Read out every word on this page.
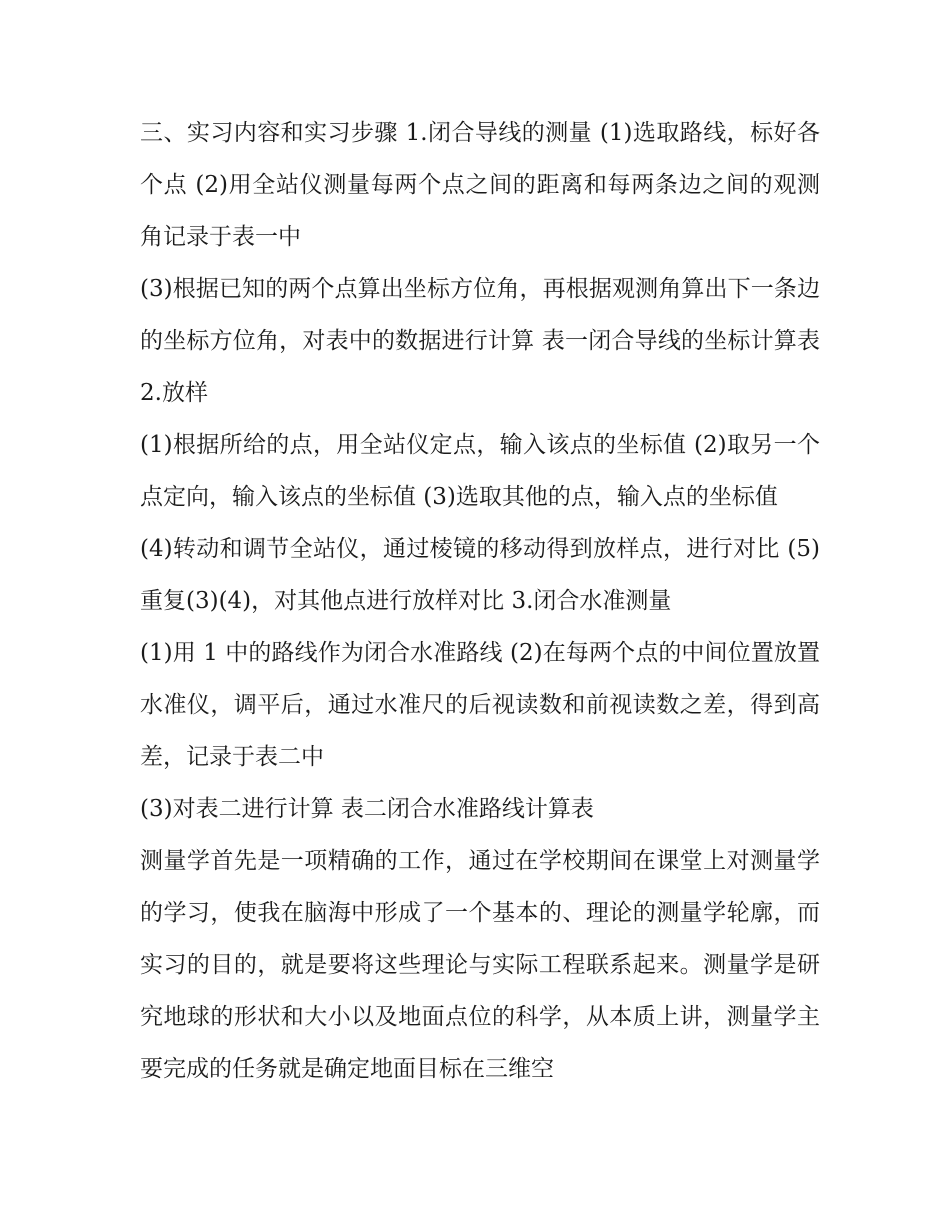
三、实习内容和实习步骤 1.闭合导线的测量 (1)选取路线，标好各个点 (2)用全站仪测量每两个点之间的距离和每两条边之间的观测角记录于表一中

(3)根据已知的两个点算出坐标方位角，再根据观测角算出下一条边的坐标方位角，对表中的数据进行计算 表一闭合导线的坐标计算表 2.放样

(1)根据所给的点，用全站仪定点，输入该点的坐标值 (2)取另一个点定向，输入该点的坐标值 (3)选取其他的点，输入点的坐标值

(4)转动和调节全站仪，通过棱镜的移动得到放样点，进行对比 (5)重复(3)(4)，对其他点进行放样对比 3.闭合水准测量

(1)用 1 中的路线作为闭合水准路线 (2)在每两个点的中间位置放置水准仪，调平后，通过水准尺的后视读数和前视读数之差，得到高差，记录于表二中

(3)对表二进行计算 表二闭合水准路线计算表

测量学首先是一项精确的工作，通过在学校期间在课堂上对测量学的学习，使我在脑海中形成了一个基本的、理论的测量学轮廓，而实习的目的，就是要将这些理论与实际工程联系起来。测量学是研究地球的形状和大小以及地面点位的科学，从本质上讲，测量学主要完成的任务就是确定地面目标在三维空
